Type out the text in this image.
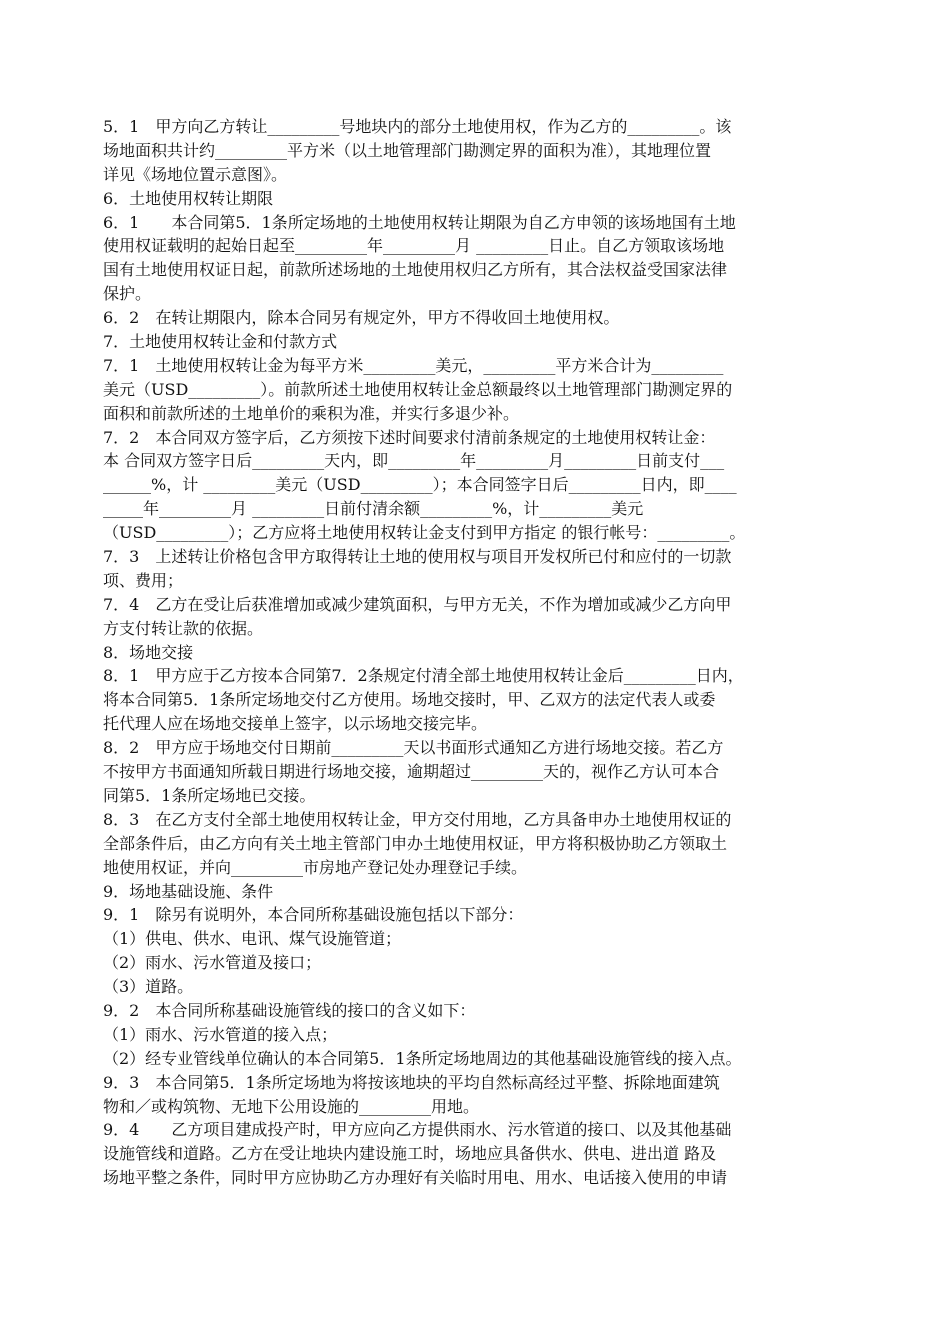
5．1　甲方向乙方转让_________号地块内的部分土地使用权，作为乙方的_________。该
场地面积共计约_________平方米（以土地管理部门勘测定界的面积为准），其地理位置
详见《场地位置示意图》。
6．土地使用权转让期限
6．1　　本合同第5．1条所定场地的土地使用权转让期限为自乙方申领的该场地国有土地
使用权证载明的起始日起至_________年_________月 _________日止。自乙方领取该场地
国有土地使用权证日起，前款所述场地的土地使用权归乙方所有，其合法权益受国家法律
保护。
6．2　在转让期限内，除本合同另有规定外，甲方不得收回土地使用权。
7．土地使用权转让金和付款方式
7．1　土地使用权转让金为每平方米_________美元，_________平方米合计为_________
美元（USD_________）。前款所述土地使用权转让金总额最终以土地管理部门勘测定界的
面积和前款所述的土地单价的乘积为准，并实行多退少补。
7．2　本合同双方签字后，乙方须按下述时间要求付清前条规定的土地使用权转让金：
本 合同双方签字日后_________天内，即_________年_________月_________日前支付___
______%，计 _________美元（USD_________）；本合同签字日后_________日内，即____
_____年_________月 _________日前付清余额_________%，计_________美元
（USD_________）；乙方应将土地使用权转让金支付到甲方指定 的银行帐号：_________。
7．3　上述转让价格包含甲方取得转让土地的使用权与项目开发权所已付和应付的一切款
项、费用；
7．4　乙方在受让后获准增加或减少建筑面积，与甲方无关，不作为增加或减少乙方向甲
方支付转让款的依据。
8．场地交接
8．1　甲方应于乙方按本合同第7．2条规定付清全部土地使用权转让金后_________日内，
将本合同第5．1条所定场地交付乙方使用。场地交接时，甲、乙双方的法定代表人或委
托代理人应在场地交接单上签字，以示场地交接完毕。
8．2　甲方应于场地交付日期前_________天以书面形式通知乙方进行场地交接。若乙方
不按甲方书面通知所载日期进行场地交接，逾期超过_________天的，视作乙方认可本合
同第5．1条所定场地已交接。
8．3　在乙方支付全部土地使用权转让金，甲方交付用地，乙方具备申办土地使用权证的
全部条件后，由乙方向有关土地主管部门申办土地使用权证，甲方将积极协助乙方领取土
地使用权证，并向_________市房地产登记处办理登记手续。
9．场地基础设施、条件
9．1　除另有说明外，本合同所称基础设施包括以下部分：
（1）供电、供水、电讯、煤气设施管道；
（2）雨水、污水管道及接口；
（3）道路。
9．2　本合同所称基础设施管线的接口的含义如下：
（1）雨水、污水管道的接入点；
（2）经专业管线单位确认的本合同第5．1条所定场地周边的其他基础设施管线的接入点。
9．3　本合同第5．1条所定场地为将按该地块的平均自然标高经过平整、拆除地面建筑
物和／或构筑物、无地下公用设施的_________用地。
9．4　　乙方项目建成投产时，甲方应向乙方提供雨水、污水管道的接口、以及其他基础
设施管线和道路。乙方在受让地块内建设施工时，场地应具备供水、供电、进出道 路及
场地平整之条件，同时甲方应协助乙方办理好有关临时用电、用水、电话接入使用的申请
